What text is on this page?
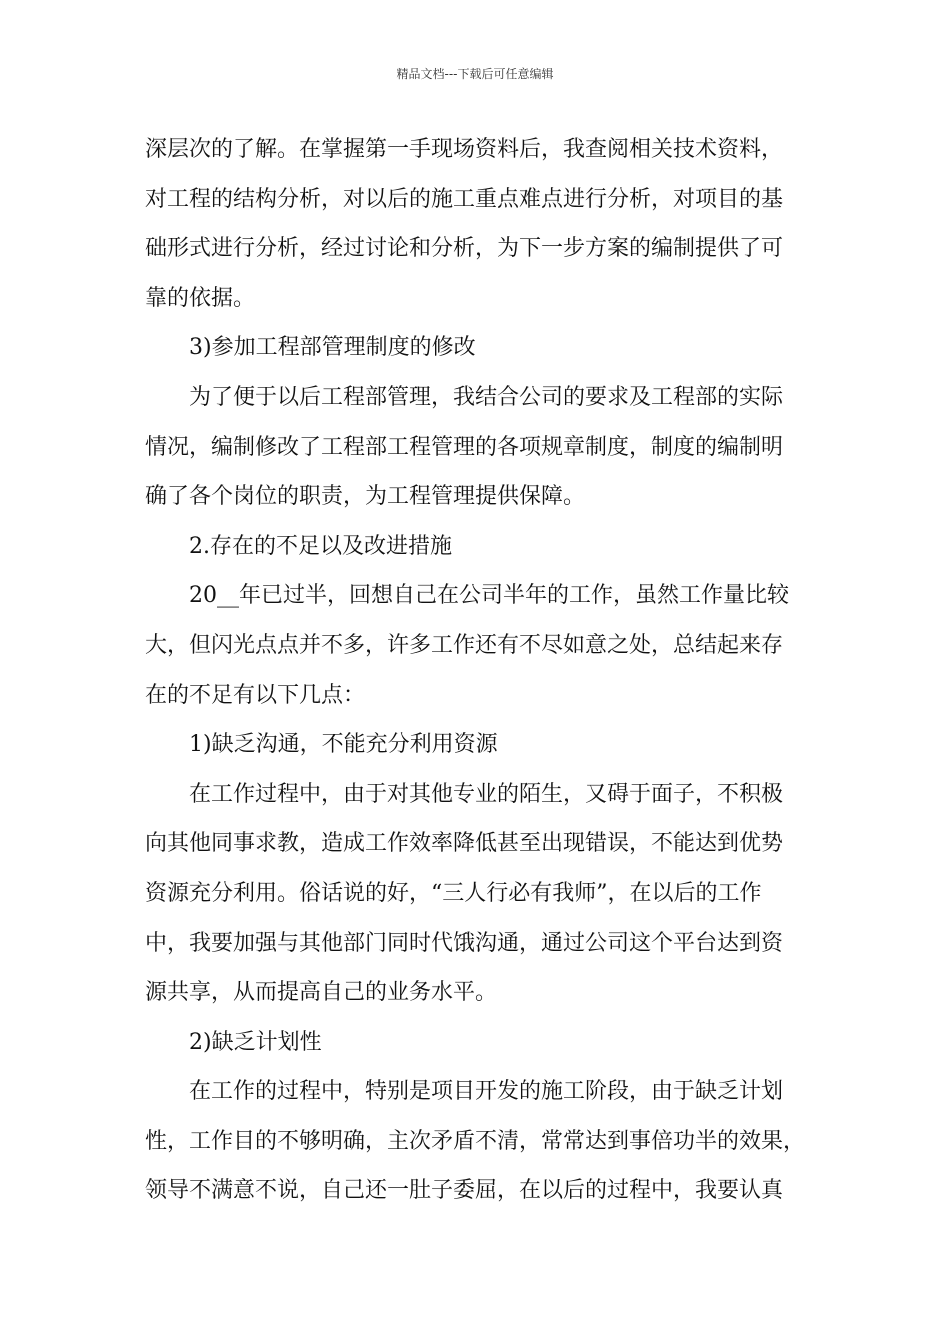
精品文档---下载后可任意编辑
深层次的了解。在掌握第一手现场资料后，我查阅相关技术资料，
对工程的结构分析，对以后的施工重点难点进行分析，对项目的基
础形式进行分析，经过讨论和分析，为下一步方案的编制提供了可
靠的依据。
3)参加工程部管理制度的修改
为了便于以后工程部管理，我结合公司的要求及工程部的实际
情况，编制修改了工程部工程管理的各项规章制度，制度的编制明
确了各个岗位的职责，为工程管理提供保障。
2.存在的不足以及改进措施
20__年已过半，回想自己在公司半年的工作，虽然工作量比较
大，但闪光点点并不多，许多工作还有不尽如意之处，总结起来存
在的不足有以下几点：
1)缺乏沟通，不能充分利用资源
在工作过程中，由于对其他专业的陌生，又碍于面子，不积极
向其他同事求教，造成工作效率降低甚至出现错误，不能达到优势
资源充分利用。俗话说的好，“三人行必有我师”，在以后的工作
中，我要加强与其他部门同时代饿沟通，通过公司这个平台达到资
源共享，从而提高自己的业务水平。
2)缺乏计划性
在工作的过程中，特别是项目开发的施工阶段，由于缺乏计划
性，工作目的不够明确，主次矛盾不清，常常达到事倍功半的效果，
领导不满意不说，自己还一肚子委屈，在以后的过程中，我要认真
